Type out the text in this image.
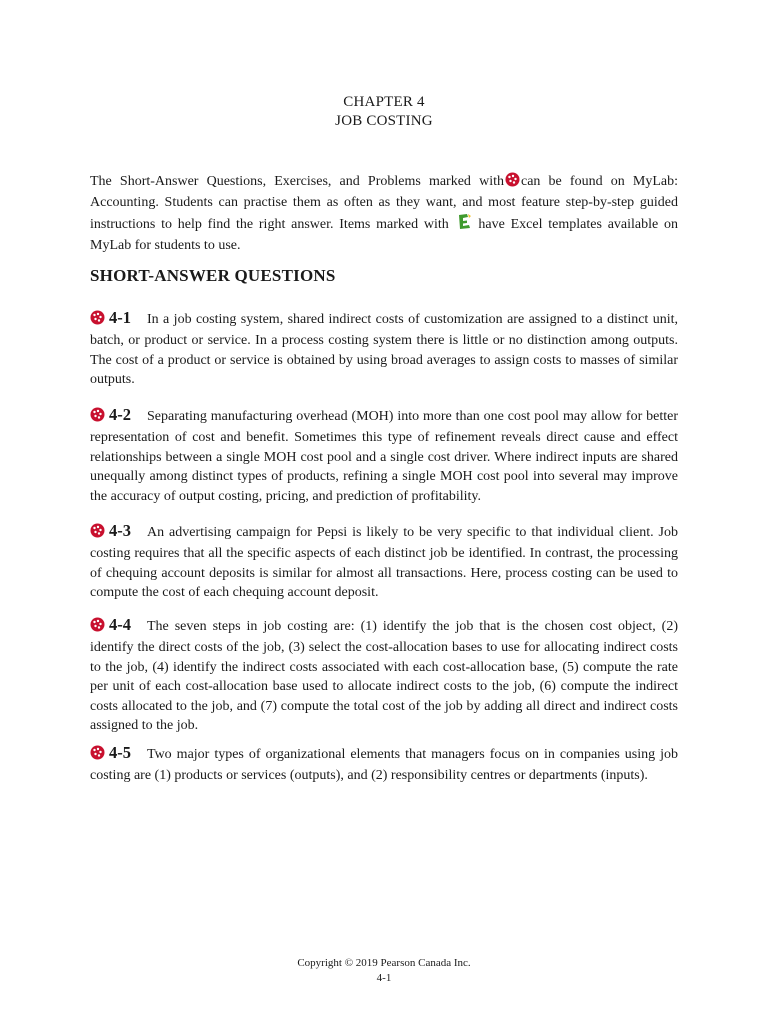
CHAPTER 4
JOB COSTING
The Short-Answer Questions, Exercises, and Problems marked with can be found on MyLab: Accounting. Students can practise them as often as they want, and most feature step-by-step guided instructions to help find the right answer. Items marked with have Excel templates available on MyLab for students to use.
SHORT-ANSWER QUESTIONS
4-1 In a job costing system, shared indirect costs of customization are assigned to a distinct unit, batch, or product or service. In a process costing system there is little or no distinction among outputs. The cost of a product or service is obtained by using broad averages to assign costs to masses of similar outputs.
4-2 Separating manufacturing overhead (MOH) into more than one cost pool may allow for better representation of cost and benefit. Sometimes this type of refinement reveals direct cause and effect relationships between a single MOH cost pool and a single cost driver. Where indirect inputs are shared unequally among distinct types of products, refining a single MOH cost pool into several may improve the accuracy of output costing, pricing, and prediction of profitability.
4-3 An advertising campaign for Pepsi is likely to be very specific to that individual client. Job costing requires that all the specific aspects of each distinct job be identified. In contrast, the processing of chequing account deposits is similar for almost all transactions. Here, process costing can be used to compute the cost of each chequing account deposit.
4-4 The seven steps in job costing are: (1) identify the job that is the chosen cost object, (2) identify the direct costs of the job, (3) select the cost-allocation bases to use for allocating indirect costs to the job, (4) identify the indirect costs associated with each cost-allocation base, (5) compute the rate per unit of each cost-allocation base used to allocate indirect costs to the job, (6) compute the indirect costs allocated to the job, and (7) compute the total cost of the job by adding all direct and indirect costs assigned to the job.
4-5 Two major types of organizational elements that managers focus on in companies using job costing are (1) products or services (outputs), and (2) responsibility centres or departments (inputs).
Copyright © 2019 Pearson Canada Inc.
4-1
